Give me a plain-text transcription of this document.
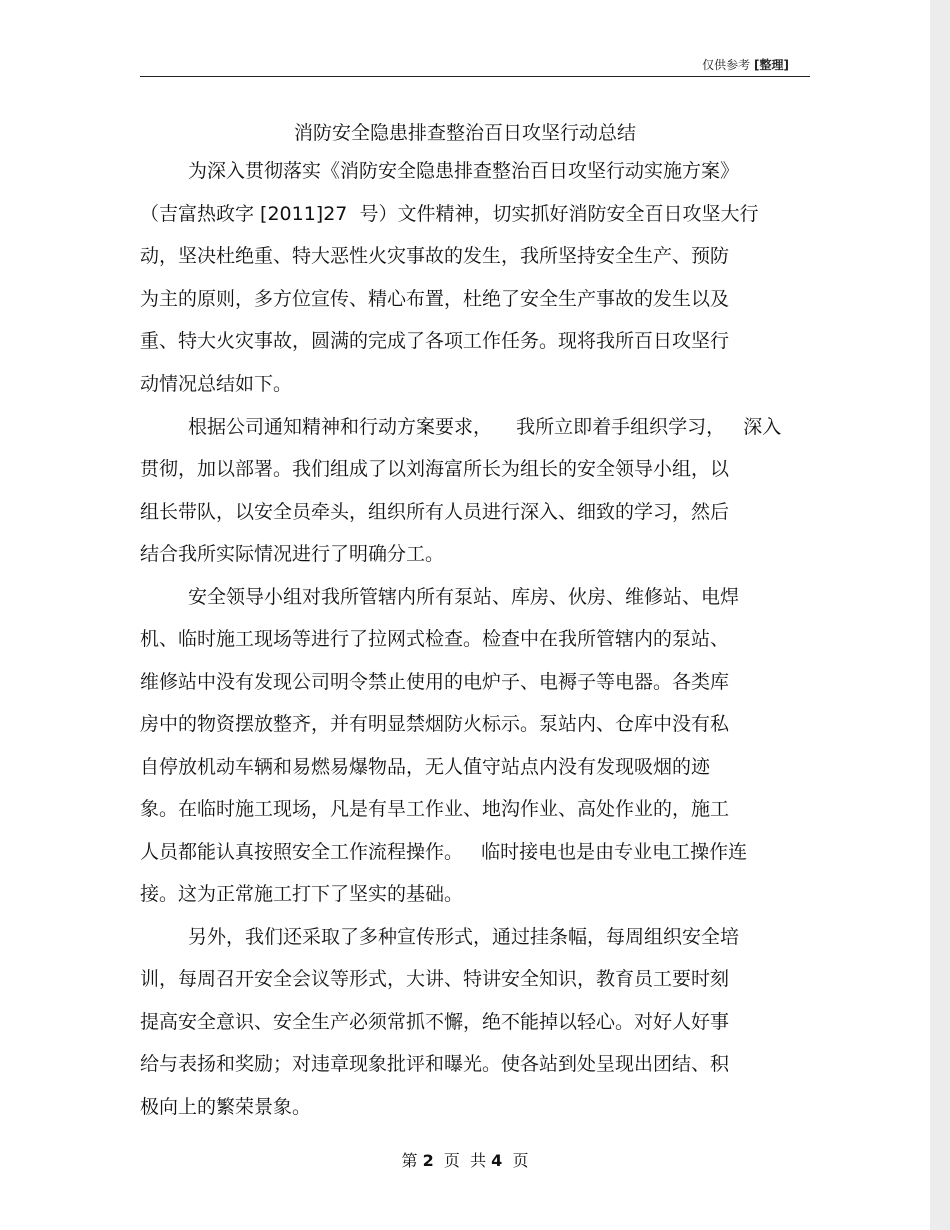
仅供参考 [整理]
消防安全隐患排查整治百日攻坚行动总结
为深入贯彻落实《消防安全隐患排查整治百日攻坚行动实施方案》
（吉富热政字 [2011]27  号）文件精神，切实抓好消防安全百日攻坚大行
动，坚决杜绝重、特大恶性火灾事故的发生，我所坚持安全生产、预防
为主的原则，多方位宣传、精心布置，杜绝了安全生产事故的发生以及
重、特大火灾事故，圆满的完成了各项工作任务。现将我所百日攻坚行
动情况总结如下。
根据公司通知精神和行动方案要求，    我所立即着手组织学习，   深入
贯彻，加以部署。我们组成了以刘海富所长为组长的安全领导小组，以
组长带队，以安全员牵头，组织所有人员进行深入、细致的学习，然后
结合我所实际情况进行了明确分工。
安全领导小组对我所管辖内所有泵站、库房、伙房、维修站、电焊
机、临时施工现场等进行了拉网式检查。检查中在我所管辖内的泵站、
维修站中没有发现公司明令禁止使用的电炉子、电褥子等电器。各类库
房中的物资摆放整齐，并有明显禁烟防火标示。泵站内、仓库中没有私
自停放机动车辆和易燃易爆物品，无人值守站点内没有发现吸烟的迹
象。在临时施工现场，凡是有旱工作业、地沟作业、高处作业的，施工
人员都能认真按照安全工作流程操作。   临时接电也是由专业电工操作连
接。这为正常施工打下了坚实的基础。
另外，我们还采取了多种宣传形式，通过挂条幅，每周组织安全培
训，每周召开安全会议等形式，大讲、特讲安全知识，教育员工要时刻
提高安全意识、安全生产必须常抓不懈，绝不能掉以轻心。对好人好事
给与表扬和奖励；对违章现象批评和曝光。使各站到处呈现出团结、积
极向上的繁荣景象。
第 2  页  共 4  页
